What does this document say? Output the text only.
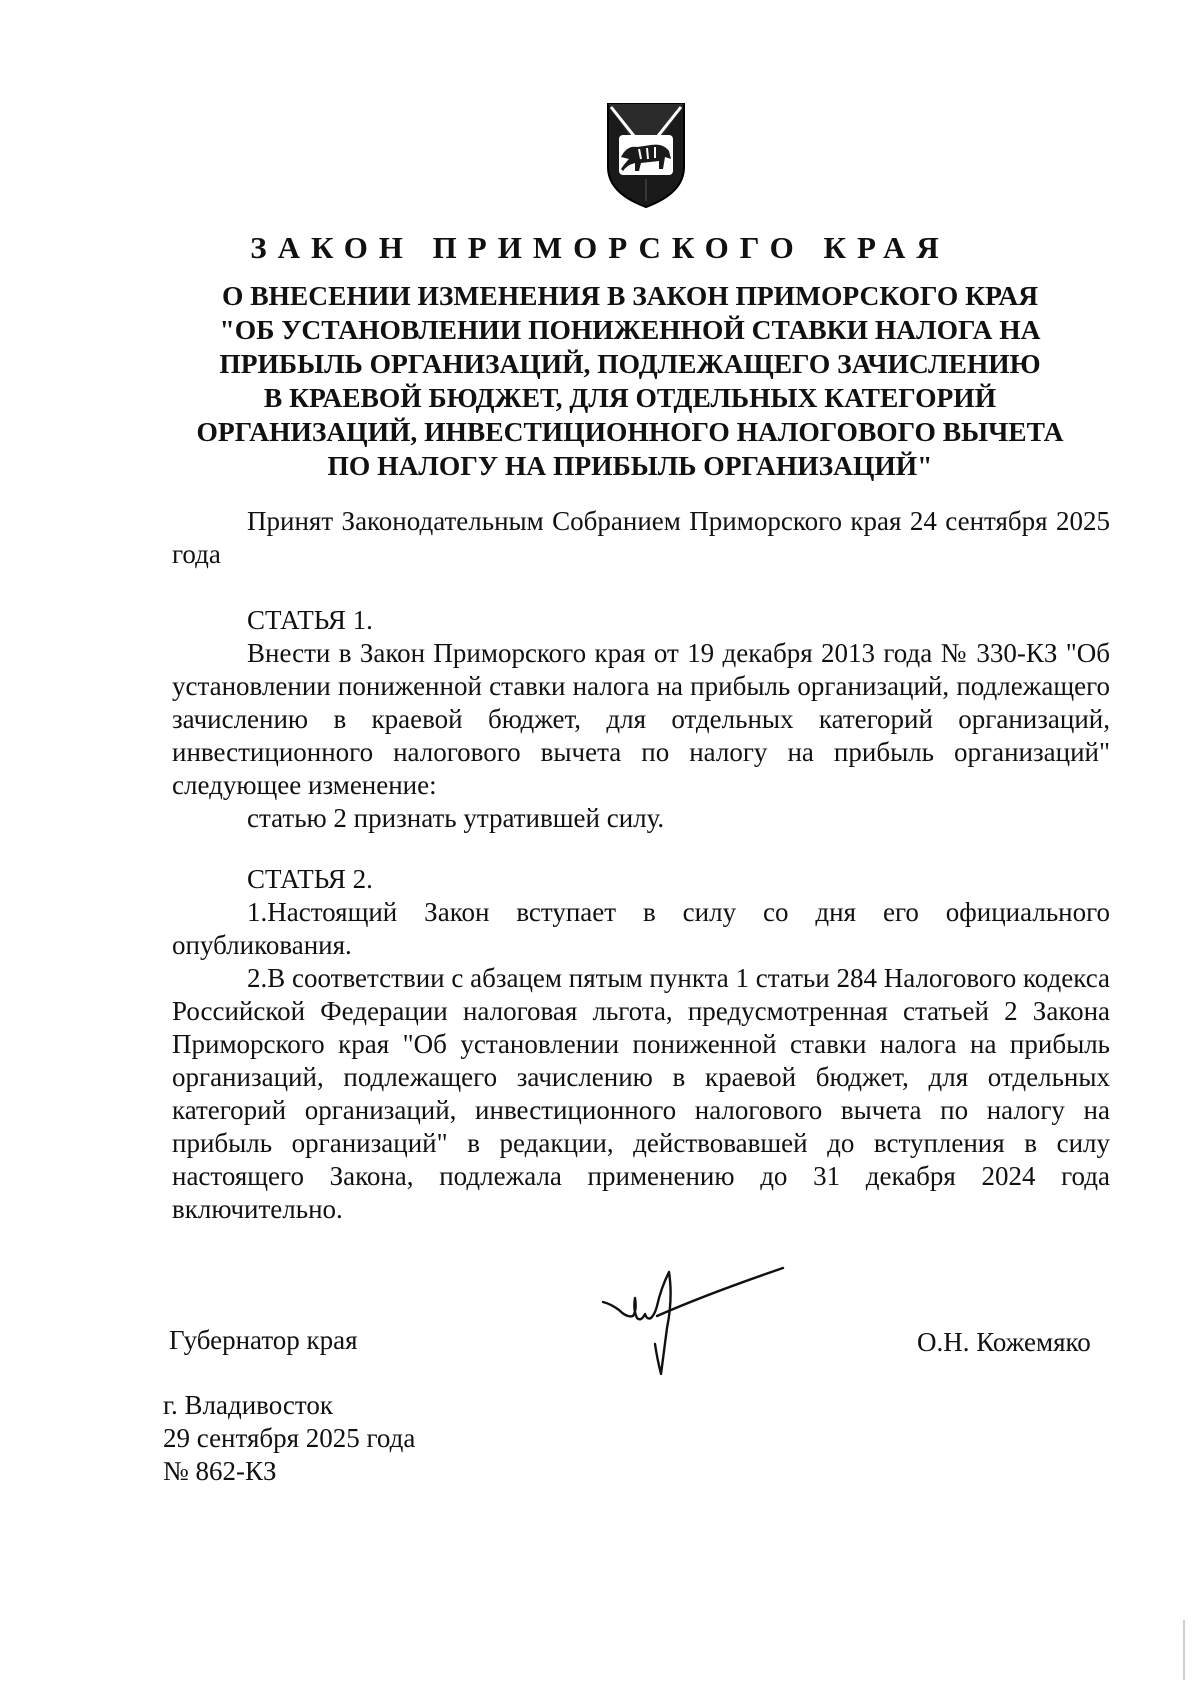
ЗАКОН ПРИМОРСКОГО КРАЯ
О ВНЕСЕНИИ ИЗМЕНЕНИЯ В ЗАКОН ПРИМОРСКОГО КРАЯ
"ОБ УСТАНОВЛЕНИИ ПОНИЖЕННОЙ СТАВКИ НАЛОГА НА
ПРИБЫЛЬ ОРГАНИЗАЦИЙ, ПОДЛЕЖАЩЕГО ЗАЧИСЛЕНИЮ
В КРАЕВОЙ БЮДЖЕТ, ДЛЯ ОТДЕЛЬНЫХ КАТЕГОРИЙ
ОРГАНИЗАЦИЙ, ИНВЕСТИЦИОННОГО НАЛОГОВОГО ВЫЧЕТА
ПО НАЛОГУ НА ПРИБЫЛЬ ОРГАНИЗАЦИЙ"

Принят Законодательным Собранием Приморского края 24 сентября 2025 года

СТАТЬЯ 1.

Внести в Закон Приморского края от 19 декабря 2013 года № 330-КЗ "Об установлении пониженной ставки налога на прибыль организаций, подлежащего зачислению в краевой бюджет, для отдельных категорий организаций, инвестиционного налогового вычета по налогу на прибыль организаций" следующее изменение:

статью 2 признать утратившей силу.

СТАТЬЯ 2.

1.Настоящий Закон вступает в силу со дня его официального опубликования.

2.В соответствии с абзацем пятым пункта 1 статьи 284 Налогового кодекса Российской Федерации налоговая льгота, предусмотренная статьей 2 Закона Приморского края "Об установлении пониженной ставки налога на прибыль организаций, подлежащего зачислению в краевой бюджет, для отдельных категорий организаций, инвестиционного налогового вычета по налогу на прибыль организаций" в редакции, действовавшей до вступления в силу настоящего Закона, подлежала применению до 31 декабря 2024 года включительно.

Губернатор края	О.Н. Кожемяко
г. Владивосток
29 сентября 2025 года
№ 862-КЗ
